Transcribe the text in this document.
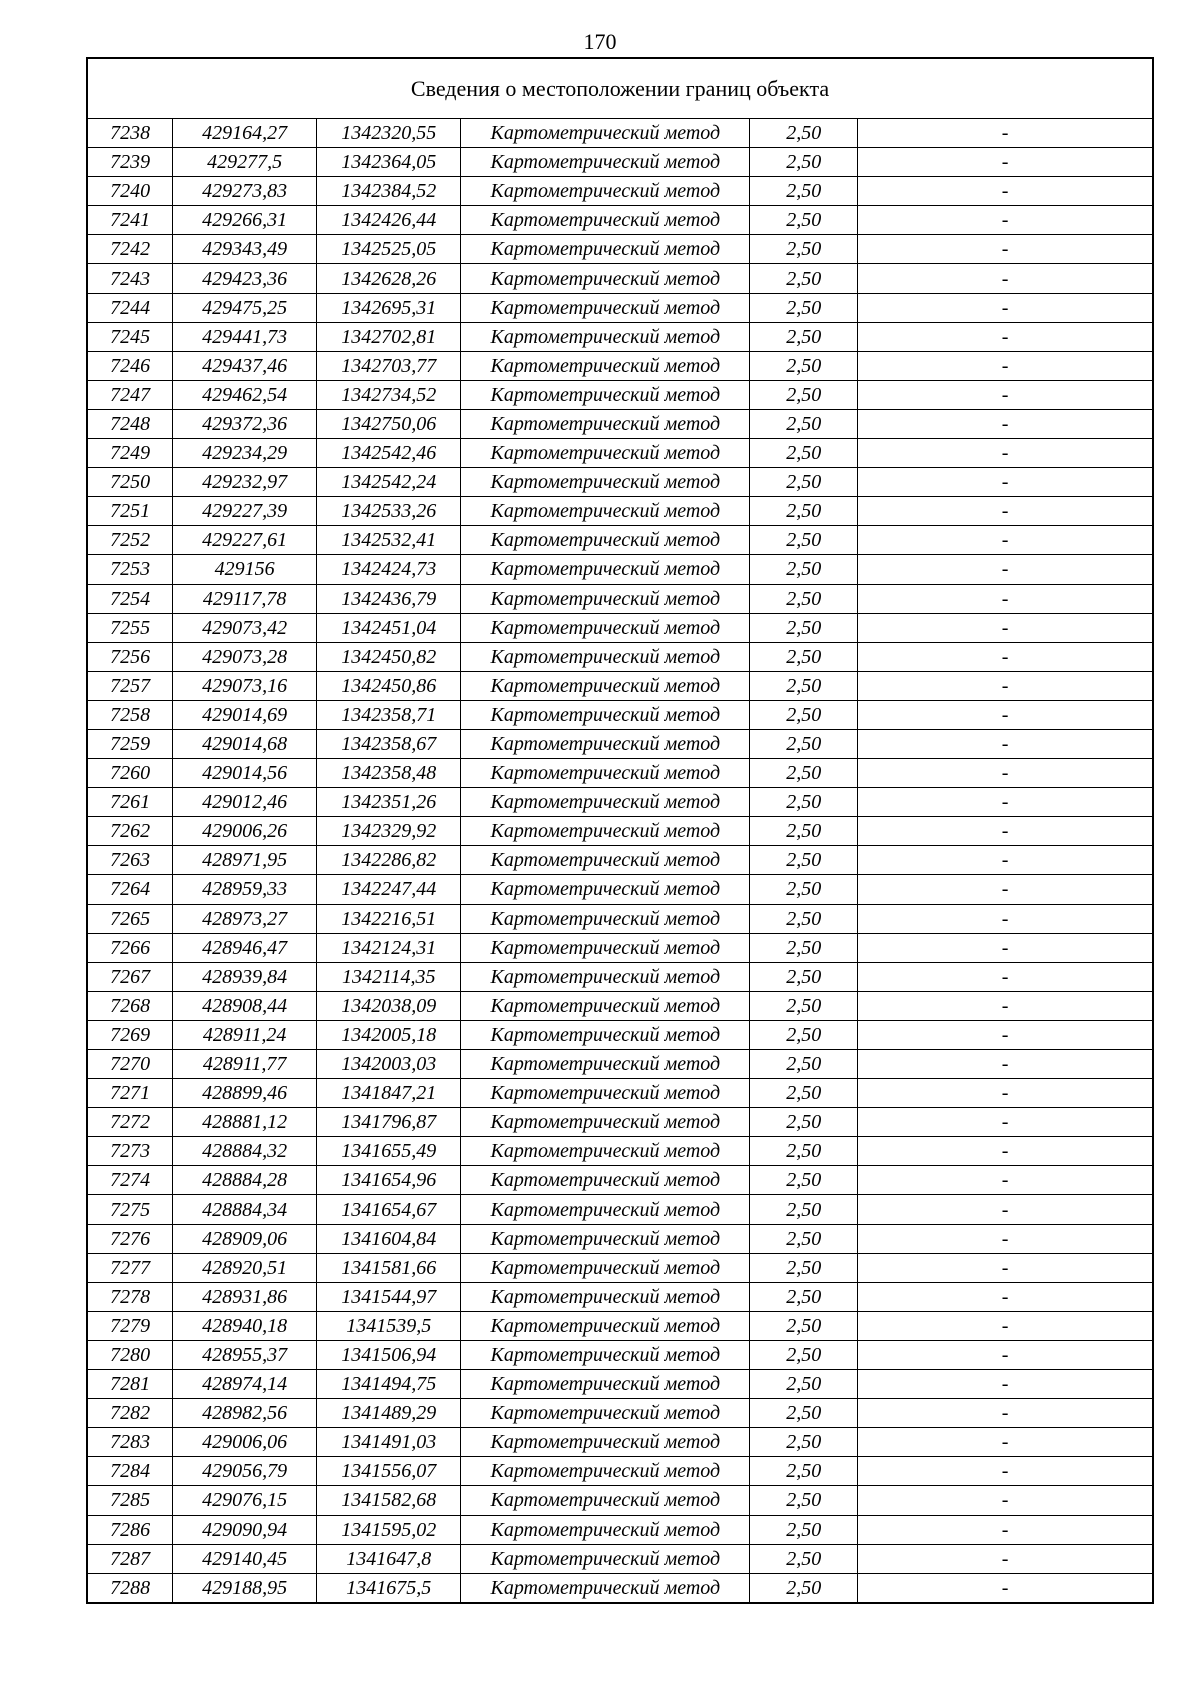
170
Сведения о местоположении границ объекта					
7238	429164,27	1342320,55	Картометрический метод	2,50	-
7239	429277,5	1342364,05	Картометрический метод	2,50	-
7240	429273,83	1342384,52	Картометрический метод	2,50	-
7241	429266,31	1342426,44	Картометрический метод	2,50	-
7242	429343,49	1342525,05	Картометрический метод	2,50	-
7243	429423,36	1342628,26	Картометрический метод	2,50	-
7244	429475,25	1342695,31	Картометрический метод	2,50	-
7245	429441,73	1342702,81	Картометрический метод	2,50	-
7246	429437,46	1342703,77	Картометрический метод	2,50	-
7247	429462,54	1342734,52	Картометрический метод	2,50	-
7248	429372,36	1342750,06	Картометрический метод	2,50	-
7249	429234,29	1342542,46	Картометрический метод	2,50	-
7250	429232,97	1342542,24	Картометрический метод	2,50	-
7251	429227,39	1342533,26	Картометрический метод	2,50	-
7252	429227,61	1342532,41	Картометрический метод	2,50	-
7253	429156	1342424,73	Картометрический метод	2,50	-
7254	429117,78	1342436,79	Картометрический метод	2,50	-
7255	429073,42	1342451,04	Картометрический метод	2,50	-
7256	429073,28	1342450,82	Картометрический метод	2,50	-
7257	429073,16	1342450,86	Картометрический метод	2,50	-
7258	429014,69	1342358,71	Картометрический метод	2,50	-
7259	429014,68	1342358,67	Картометрический метод	2,50	-
7260	429014,56	1342358,48	Картометрический метод	2,50	-
7261	429012,46	1342351,26	Картометрический метод	2,50	-
7262	429006,26	1342329,92	Картометрический метод	2,50	-
7263	428971,95	1342286,82	Картометрический метод	2,50	-
7264	428959,33	1342247,44	Картометрический метод	2,50	-
7265	428973,27	1342216,51	Картометрический метод	2,50	-
7266	428946,47	1342124,31	Картометрический метод	2,50	-
7267	428939,84	1342114,35	Картометрический метод	2,50	-
7268	428908,44	1342038,09	Картометрический метод	2,50	-
7269	428911,24	1342005,18	Картометрический метод	2,50	-
7270	428911,77	1342003,03	Картометрический метод	2,50	-
7271	428899,46	1341847,21	Картометрический метод	2,50	-
7272	428881,12	1341796,87	Картометрический метод	2,50	-
7273	428884,32	1341655,49	Картометрический метод	2,50	-
7274	428884,28	1341654,96	Картометрический метод	2,50	-
7275	428884,34	1341654,67	Картометрический метод	2,50	-
7276	428909,06	1341604,84	Картометрический метод	2,50	-
7277	428920,51	1341581,66	Картометрический метод	2,50	-
7278	428931,86	1341544,97	Картометрический метод	2,50	-
7279	428940,18	1341539,5	Картометрический метод	2,50	-
7280	428955,37	1341506,94	Картометрический метод	2,50	-
7281	428974,14	1341494,75	Картометрический метод	2,50	-
7282	428982,56	1341489,29	Картометрический метод	2,50	-
7283	429006,06	1341491,03	Картометрический метод	2,50	-
7284	429056,79	1341556,07	Картометрический метод	2,50	-
7285	429076,15	1341582,68	Картометрический метод	2,50	-
7286	429090,94	1341595,02	Картометрический метод	2,50	-
7287	429140,45	1341647,8	Картометрический метод	2,50	-
7288	429188,95	1341675,5	Картометрический метод	2,50	-
